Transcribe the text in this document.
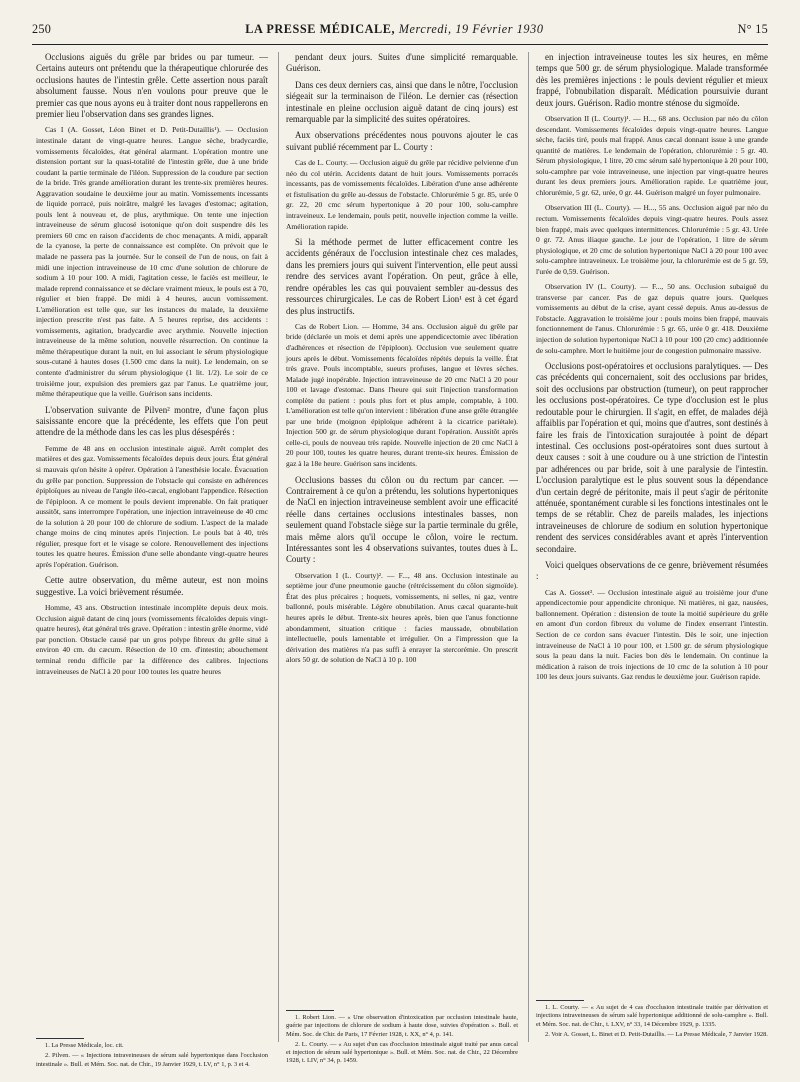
250	LA PRESSE MÉDICALE, Mercredi, 19 Février 1930	N° 15

Occlusions aiguës du grêle par brides ou par tumeur. — Certains auteurs ont prétendu que la thérapeutique chlorurée des occlusions hautes de l'intestin grêle. Cette assertion nous paraît absolument fausse. Nous n'en voulons pour preuve que le premier cas que nous ayons eu à traiter dont nous rappellerons en premier lieu l'observation dans ses grandes lignes.

Cas I (A. Gosset, Léon Binet et D. Petit-Dutaillis¹). — Occlusion intestinale datant de vingt-quatre heures. Langue sèche, bradycardie, vomissements fécaloïdes, état général alarmant. L'opération montre une distension portant sur la quasi-totalité de l'intestin grêle, due à une bride coudant la partie terminale de l'iléon. Suppression de la coudure par section de la bride. Très grande amélioration durant les trente-six premières heures. Aggravation soudaine le deuxième jour au matin. Vomissements incessants de liquide porracé, puis noirâtre, malgré les lavages d'estomac; agitation, pouls lent à nouveau et, de plus, arythmique. On tente une injection intraveineuse de sérum glucosé isotonique qu'on doit suspendre dès les premiers 60 cmc en raison d'accidents de choc menaçants. A midi, apparaît de la cyanose, la perte de connaissance est complète. On prévoit que le malade ne passera pas la journée. Sur le conseil de l'un de nous, on fait à midi une injection intraveineuse de 10 cmc d'une solution de chlorure de sodium à 10 pour 100. A midi, l'agitation cesse, le faciès est meilleur, le malade reprend connaissance et se déclare vraiment mieux, le pouls est à 70, régulier et bien frappé. De midi à 4 heures, aucun vomissement. L'amélioration est telle que, sur les instances du malade, la deuxième injection prescrite n'est pas faite. A 5 heures reprise, des accidents : vomissements, agitation, bradycardie avec arythmie. Nouvelle injection intraveineuse de la même solution, nouvelle résurrection. On continue la même thérapeutique durant la nuit, en lui associant le sérum physiologique sous-cutané à hautes doses (1.500 cmc dans la nuit). Le lendemain, on se contente d'administrer du sérum physiologique (1 lit. 1/2). Le soir de ce troisième jour, expulsion des premiers gaz par l'anus. Le quatrième jour, même thérapeutique que la veille. Guérison sans incidents.

L'observation suivante de Pilven² montre, d'une façon plus saisissante encore que la précédente, les effets que l'on peut attendre de la méthode dans les cas les plus désespérés :

Femme de 48 ans en occlusion intestinale aiguë. Arrêt complet des matières et des gaz. Vomissements fécaloïdes depuis deux jours. État général si mauvais qu'on hésite à opérer. Opération à l'anesthésie locale. Évacuation du grêle par ponction. Suppression de l'obstacle qui consiste en adhérences épiploïques au niveau de l'angle iléo-cæcal, englobant l'appendice. Résection de l'épiploon. A ce moment le pouls devient imprenable. On fait pratiquer aussitôt, sans interrompre l'opération, une injection intraveineuse de 40 cmc de la solution à 20 pour 100 de chlorure de sodium. L'aspect de la malade change moins de cinq minutes après l'injection. Le pouls bat à 40, très régulier, presque fort et le visage se colore. Renouvellement des injections toutes les quatre heures. Émission d'une selle abondante vingt-quatre heures après l'opération. Guérison.

Cette autre observation, du même auteur, est non moins suggestive. La voici brièvement résumée.

Homme, 43 ans. Obstruction intestinale incomplète depuis deux mois. Occlusion aiguë datant de cinq jours (vomissements fécaloïdes depuis vingt-quatre heures), état général très grave. Opération : intestin grêle énorme, vidé par ponction. Obstacle causé par un gros polype fibreux du grêle situé à environ 40 cm. du cæcum. Résection de 10 cm. d'intestin; abouchement terminal rendu difficile par la différence des calibres. Injections intraveineuses de NaCl à 20 pour 100 toutes les quatre heures

1. La Presse Médicale, loc. cit.

2. Pilven. — « Injections intraveineuses de sérum salé hypertonique dans l'occlusion intestinale ». Bull. et Mém. Soc. nat. de Chir., 19 Janvier 1929, t. LV, n° 1, p. 3 et 4.

pendant deux jours. Suites d'une simplicité remarquable. Guérison.

Dans ces deux derniers cas, ainsi que dans le nôtre, l'occlusion siégeait sur la terminaison de l'iléon. Le dernier cas (résection intestinale en pleine occlusion aiguë datant de cinq jours) est remarquable par la simplicité des suites opératoires.

Aux observations précédentes nous pouvons ajouter le cas suivant publié récemment par L. Courty :

Cas de L. Courty. — Occlusion aiguë du grêle par récidive pelvienne d'un néo du col utérin. Accidents datant de huit jours. Vomissements porracés incessants, pas de vomissements fécaloïdes. Libération d'une anse adhérente et fistulisation du grêle au-dessus de l'obstacle. Chlorurémie 5 gr. 85, urée 0 gr. 22, 20 cmc sérum hypertonique à 20 pour 100, solu-camphre intraveineux. Le lendemain, pouls petit, nouvelle injection comme la veille. Amélioration rapide.

Si la méthode permet de lutter efficacement contre les accidents généraux de l'occlusion intestinale chez ces malades, dans les premiers jours qui suivent l'intervention, elle peut aussi rendre des services avant l'opération. On peut, grâce à elle, rendre opérables les cas qui pouvaient sembler au-dessus des ressources chirurgicales. Le cas de Robert Lion¹ est à cet égard des plus instructifs.

Cas de Robert Lion. — Homme, 34 ans. Occlusion aiguë du grêle par bride (déclarée un mois et demi après une appendicectomie avec libération d'adhérences et résection de l'épiploon). Occlusion vue seulement quatre jours après le début. Vomissements fécaloïdes répétés depuis la veille. État très grave. Pouls incomptable, sueurs profuses, langue et lèvres sèches. Malade jugé inopérable. Injection intraveineuse de 20 cmc NaCl à 20 pour 100 et lavage d'estomac. Dans l'heure qui suit l'injection transformation complète du patient : pouls plus fort et plus ample, comptable, à 100. L'amélioration est telle qu'on intervient : libération d'une anse grêle étranglée par une bride (moignon épiploïque adhérent à la cicatrice pariétale). Injection 500 gr. de sérum physiologique durant l'opération. Aussitôt après celle-ci, pouls de nouveau très rapide. Nouvelle injection de 20 cmc NaCl à 20 pour 100, toutes les quatre heures, durant trente-six heures. Émission de gaz à la 18e heure. Guérison sans incidents.

Occlusions basses du côlon ou du rectum par cancer. — Contrairement à ce qu'on a prétendu, les solutions hypertoniques de NaCl en injection intraveineuse semblent avoir une efficacité réelle dans certaines occlusions intestinales basses, non seulement quand l'obstacle siège sur la partie terminale du grêle, mais même alors qu'il occupe le côlon, voire le rectum. Intéressantes sont les 4 observations suivantes, toutes dues à L. Courty :

Observation I (L. Courty)². — F..., 48 ans. Occlusion intestinale au septième jour d'une pneumonie gauche (rétrécissement du côlon sigmoïde). État des plus précaires ; hoquets, vomissements, ni selles, ni gaz, ventre ballonné, pouls misérable. Légère obnubilation. Anus cæcal quarante-huit heures après le début. Trente-six heures après, bien que l'anus fonctionne abondamment, situation critique : facies maussade, obnubilation intellectuelle, pouls lamentable et irrégulier. On a l'impression que la dérivation des matières n'a pas suffi à enrayer la stercorémie. On prescrit alors 50 gr. de solution de NaCl à 10 p. 100

1. Robert Lion. — « Une observation d'intoxication par occlusion intestinale haute, guérie par injections de chlorure de sodium à haute dose, suivies d'opération ». Bull. et Mém. Soc. de Chir. de Paris, 17 Février 1928, t. XX, n° 4, p. 141.

2. L. Courty. — « Au sujet d'un cas d'occlusion intestinale aiguë traité par anus cæcal et injection de sérum salé hypertonique ». Bull. et Mém. Soc. nat. de Chir., 22 Décembre 1928, t. LIV, n° 34, p. 1459.

en injection intraveineuse toutes les six heures, en même temps que 500 gr. de sérum physiologique. Malade transformée dès les premières injections : le pouls devient régulier et mieux frappé, l'obnubilation disparaît. Médication poursuivie durant deux jours. Guérison. Radio montre sténose du sigmoïde.

Observation II (L. Courty)¹. — H..., 68 ans. Occlusion par néo du côlon descendant. Vomissements fécaloïdes depuis vingt-quatre heures. Langue sèche, faciès tiré, pouls mal frappé. Anus cæcal donnant issue à une grande quantité de matières. Le lendemain de l'opération, chlorurémie : 5 gr. 40. Sérum physiologique, 1 litre, 20 cmc sérum salé hypertonique à 20 pour 100, solu-camphre par voie intraveineuse, une injection par vingt-quatre heures durant les deux premiers jours. Amélioration rapide. Le quatrième jour, chlorurémie, 5 gr. 62, urée, 0 gr. 44. Guérison malgré un foyer pulmonaire.

Observation III (L. Courty). — H..., 55 ans. Occlusion aiguë par néo du rectum. Vomissements fécaloïdes depuis vingt-quatre heures. Pouls assez bien frappé, mais avec quelques intermittences. Chlorurémie : 5 gr. 43. Urée 0 gr. 72. Anus iliaque gauche. Le jour de l'opération, 1 litre de sérum physiologique, et 20 cmc de solution hypertonique NaCl à 20 pour 100 avec solu-camphre intraveineux. Le troisième jour, la chlorurémie est de 5 gr. 59, l'urée de 0,59. Guérison.

Observation IV (L. Courty). — F..., 50 ans. Occlusion subaiguë du transverse par cancer. Pas de gaz depuis quatre jours. Quelques vomissements au début de la crise, ayant cessé depuis. Anus au-dessus de l'obstacle. Aggravation le troisième jour : pouls moins bien frappé, mauvais fonctionnement de l'anus. Chlorurémie : 5 gr. 65, urée 0 gr. 418. Deuxième injection de solution hypertonique NaCl à 10 pour 100 (20 cmc) additionnée de solu-camphre. Mort le huitième jour de congestion pulmonaire massive.

Occlusions post-opératoires et occlusions paralytiques. — Des cas précédents qui concernaient, soit des occlusions par brides, soit des occlusions par obstruction (tumeur), on peut rapprocher les occlusions post-opératoires. Ce type d'occlusion est le plus redoutable pour le chirurgien. Il s'agit, en effet, de malades déjà affaiblis par l'opération et qui, moins que d'autres, sont destinés à faire les frais de l'intoxication surajoutée à point de départ intestinal. Ces occlusions post-opératoires sont dues surtout à deux causes : soit à une coudure ou à une striction de l'intestin par adhérences ou par bride, soit à une paralysie de l'intestin. L'occlusion paralytique est le plus souvent sous la dépendance d'un certain degré de péritonite, mais il peut s'agir de péritonite atténuée, spontanément curable si les fonctions intestinales ont le temps de se rétablir. Chez de pareils malades, les injections intraveineuses de chlorure de sodium en solution hypertonique rendent des services considérables avant et après l'intervention secondaire.

Voici quelques observations de ce genre, brièvement résumées :

Cas A. Gosset². — Occlusion intestinale aiguë au troisième jour d'une appendicectomie pour appendicite chronique. Ni matières, ni gaz, nausées, ballonnement. Opération : distension de toute la moitié supérieure du grêle en amont d'un cordon fibreux du volume de l'index enserrant l'intestin. Section de ce cordon sans évacuer l'intestin. Dès le soir, une injection intraveineuse de NaCl à 10 pour 100, et 1.500 gr. de sérum physiologique sous la peau dans la nuit. Facies bon dès le lendemain. On continue la médication à raison de trois injections de 10 cmc de la solution à 10 pour 100 les deux jours suivants. Gaz rendus le deuxième jour. Guérison rapide.

1. L. Courty. — « Au sujet de 4 cas d'occlusion intestinale traitée par dérivation et injections intraveineuses de sérum salé hypertonique additionné de solu-camphre ». Bull. et Mém. Soc. nat. de Chir., t. LXV, n° 33, 14 Décembre 1929, p. 1335.

2. Voir A. Gosset, L. Binet et D. Petit-Dutaillis. — La Presse Médicale, 7 Janvier 1928.
